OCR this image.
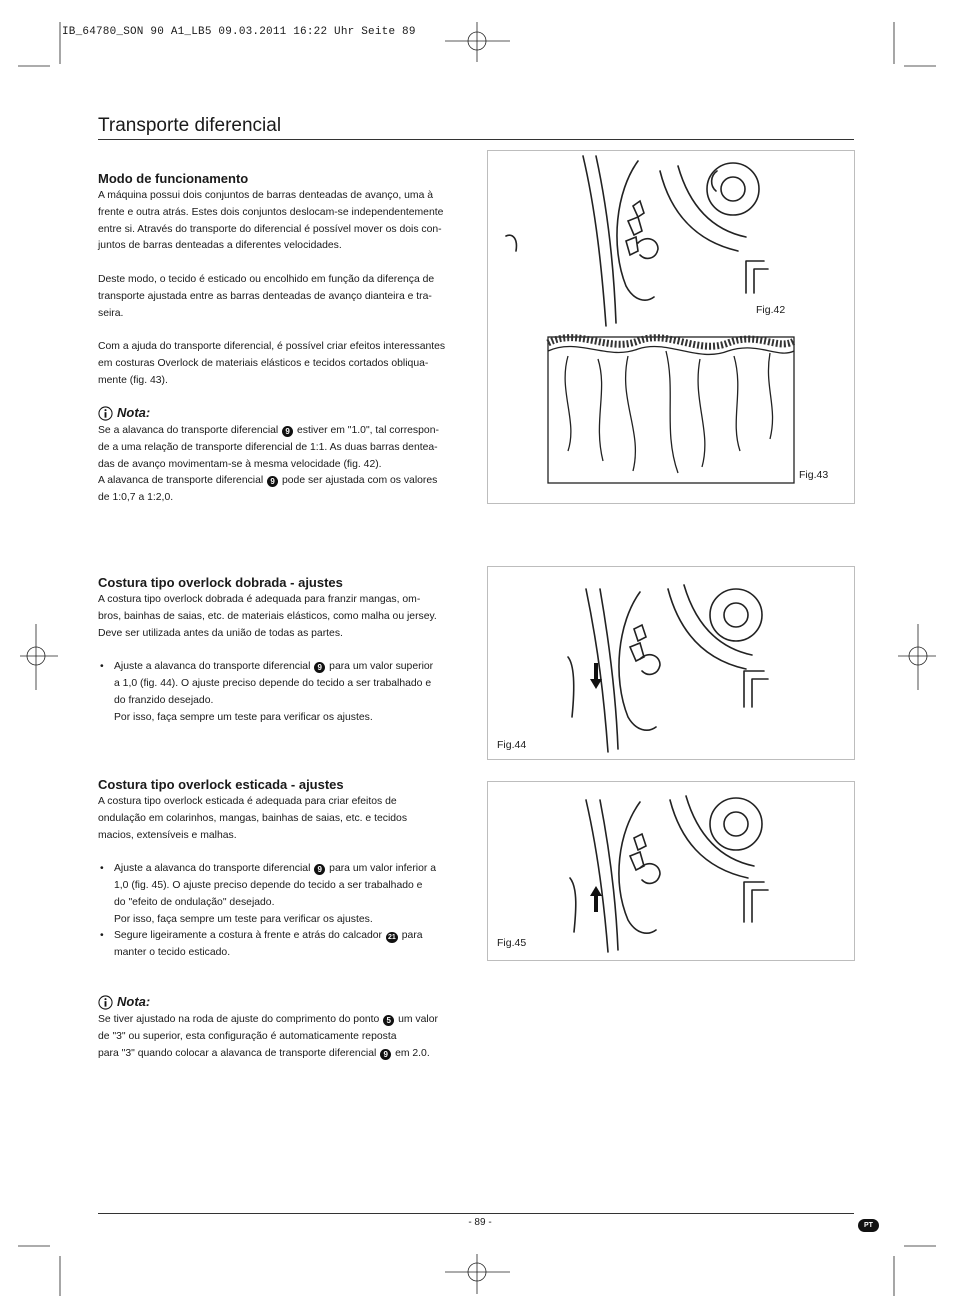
IB_64780_SON 90 A1_LB5 09.03.2011 16:22 Uhr Seite 89
Transporte diferencial
Modo de funcionamento

A máquina possui dois conjuntos de barras denteadas de avanço, uma à

frente e outra atrás. Estes dois conjuntos deslocam-se independentemente

entre si. Através do transporte do diferencial é possível mover os dois con-

juntos de barras denteadas a diferentes velocidades.

Deste modo, o tecido é esticado ou encolhido em função da diferença de

transporte ajustada entre as barras denteadas de avanço dianteira e tra-

seira.

Com a ajuda do transporte diferencial, é possível criar efeitos interessantes

em costuras Overlock de materiais elásticos e tecidos cortados obliqua-

mente (fig. 43).

Nota:

Se a alavanca do transporte diferencial 9 estiver em "1.0", tal correspon-

de a uma relação de transporte diferencial de 1:1. As duas barras dentea-

das de avanço movimentam-se à mesma velocidade (fig. 42).

A alavanca de transporte diferencial 9 pode ser ajustada com os valores

de 1:0,7 a 1:2,0.

Costura tipo overlock dobrada - ajustes

A costura tipo overlock dobrada é adequada para franzir mangas, om-

bros, bainhas de saias, etc. de materiais elásticos, como malha ou jersey.

Deve ser utilizada antes da união de todas as partes.

• Ajuste a alavanca do transporte diferencial 9 para um valor superior
a 1,0 (fig. 44). O ajuste preciso depende do tecido a ser trabalhado e
do franzido desejado.
Por isso, faça sempre um teste para verificar os ajustes.
Costura tipo overlock esticada - ajustes

A costura tipo overlock esticada é adequada para criar efeitos de

ondulação em colarinhos, mangas, bainhas de saias, etc. e tecidos

macios, extensíveis e malhas.

• Ajuste a alavanca do transporte diferencial 9 para um valor inferior a
1,0 (fig. 45). O ajuste preciso depende do tecido a ser trabalhado e
do "efeito de ondulação" desejado.
Por isso, faça sempre um teste para verificar os ajustes.
• Segure ligeiramente a costura à frente e atrás do calcador 21 para
manter o tecido esticado.
Nota:

Se tiver ajustado na roda de ajuste do comprimento do ponto 5 um valor

de "3" ou superior, esta configuração é automaticamente reposta

para "3" quando colocar a alavanca de transporte diferencial 9 em 2.0.

Fig.42
Fig.43
Fig.44
Fig.45
- 89 -	PT
